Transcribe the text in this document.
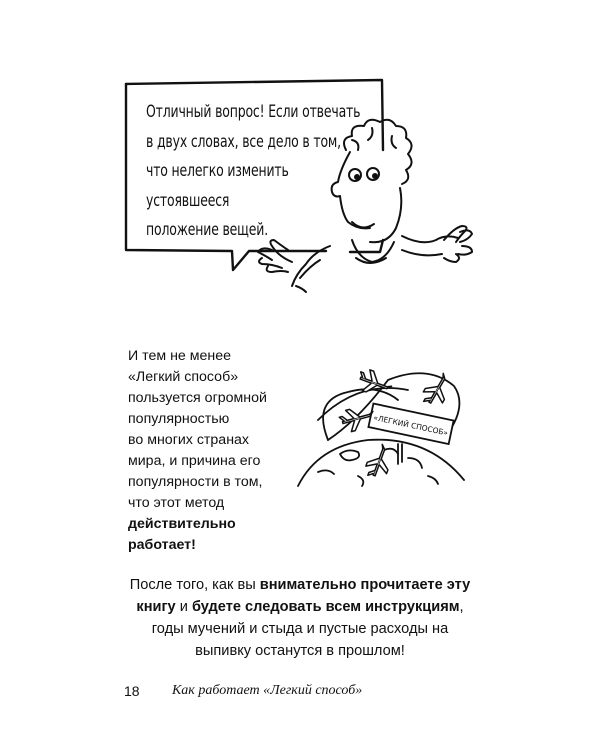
Отличный вопрос! Если отвечать
в двух словах, все дело в том,
что нелегко изменить
устоявшееся
положение вещей.
И тем не менее
«Легкий способ»
пользуется огромной
популярностью
во многих странах
мира, и причина его
популярности в том,
что этот метод
действительно
работает!
«ЛЕГКИЙ СПОСОБ»
После того, как вы внимательно прочитаете эту
книгу и будете следовать всем инструкциям,
годы мучений и стыда и пустые расходы на
выпивку останутся в прошлом!
18 Как работает «Легкий способ»
